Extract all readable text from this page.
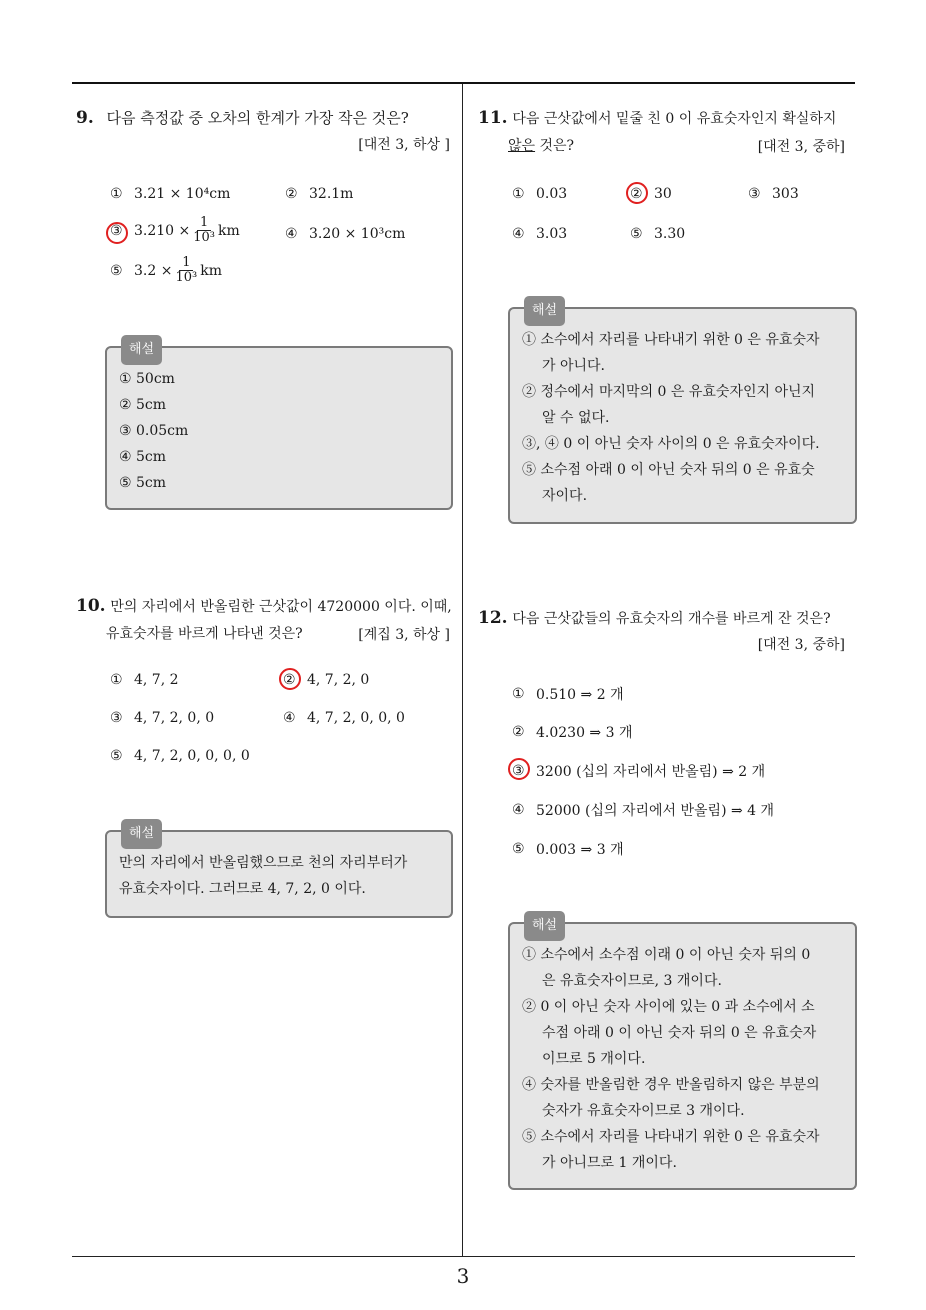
9. 다음 측정값 중 오차의 한계가 가장 작은 것은?
[대전 3, 하상 ]
① 3.21 × 10⁴cm	② 32.1m
③ $3.210 \times \frac{1}{\text{10³}}$ km	④ 3.20 × 10³cm
⑤ $3.2 \times \frac{1}{\text{10³}}$ km
해설
① 50cm
② 5cm
③ 0.05cm
④ 5cm
⑤ 5cm
10. 만의 자리에서 반올림한 근삿값이 4720000 이다. 이때,
유효숫자를 바르게 나타낸 것은?	[계집 3, 하상 ]
① 4, 7, 2	② 4, 7, 2, 0
③ 4, 7, 2, 0, 0	④ 4, 7, 2, 0, 0, 0
⑤ 4, 7, 2, 0, 0, 0, 0
해설
만의 자리에서 반올림했으므로 천의 자리부터가
유효숫자이다. 그러므로 4, 7, 2, 0 이다.
11. 다음 근삿값에서 밑줄 친 0 이 유효숫자인지 확실하지
않은 것은?	[대전 3, 중하]
① 0.03	② 30	③ 303
④ 3.03	⑤ 3.30
해설
① 소수에서 자리를 나타내기 위한 0 은 유효숫자
가 아니다.
② 정수에서 마지막의 0 은 유효숫자인지 아닌지
알 수 없다.
③, ④ 0 이 아닌 숫자 사이의 0 은 유효숫자이다.
⑤ 소수점 아래 0 이 아닌 숫자 뒤의 0 은 유효숫
자이다.
12. 다음 근삿값들의 유효숫자의 개수를 바르게 잔 것은?
[대전 3, 중하]
① 0.510 ⇒ 2 개
② 4.0230 ⇒ 3 개
③ 3200 (십의 자리에서 반올림) ⇒ 2 개
④ 52000 (십의 자리에서 반올림) ⇒ 4 개
⑤ 0.003 ⇒ 3 개
해설
① 소수에서 소수점 이래 0 이 아닌 숫자 뒤의 0
은 유효숫자이므로, 3 개이다.
② 0 이 아닌 숫자 사이에 있는 0 과 소수에서 소
수점 아래 0 이 아닌 숫자 뒤의 0 은 유효숫자
이므로 5 개이다.
④ 숫자를 반올림한 경우 반올림하지 않은 부분의
숫자가 유효숫자이므로 3 개이다.
⑤ 소수에서 자리를 나타내기 위한 0 은 유효숫자
가 아니므로 1 개이다.
3
